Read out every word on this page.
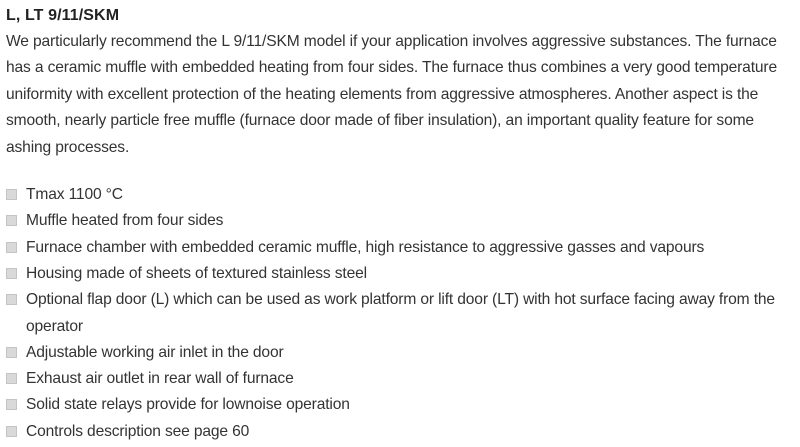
L, LT 9/11/SKM

We particularly recommend the L 9/11/SKM model if your application involves aggressive substances. The furnace has a ceramic muffle with embedded heating from four sides. The furnace thus combines a very good temperature uniformity with excellent protection of the heating elements from aggressive atmospheres. Another aspect is the smooth, nearly particle free muffle (furnace door made of fiber insulation), an important quality feature for some ashing processes.

Tmax 1100 °C
Muffle heated from four sides
Furnace chamber with embedded ceramic muffle, high resistance to aggressive gasses and vapours
Housing made of sheets of textured stainless steel
Optional flap door (L) which can be used as work platform or lift door (LT) with hot surface facing away from the operator
Adjustable working air inlet in the door
Exhaust air outlet in rear wall of furnace
Solid state relays provide for lownoise operation
Controls description see page 60
